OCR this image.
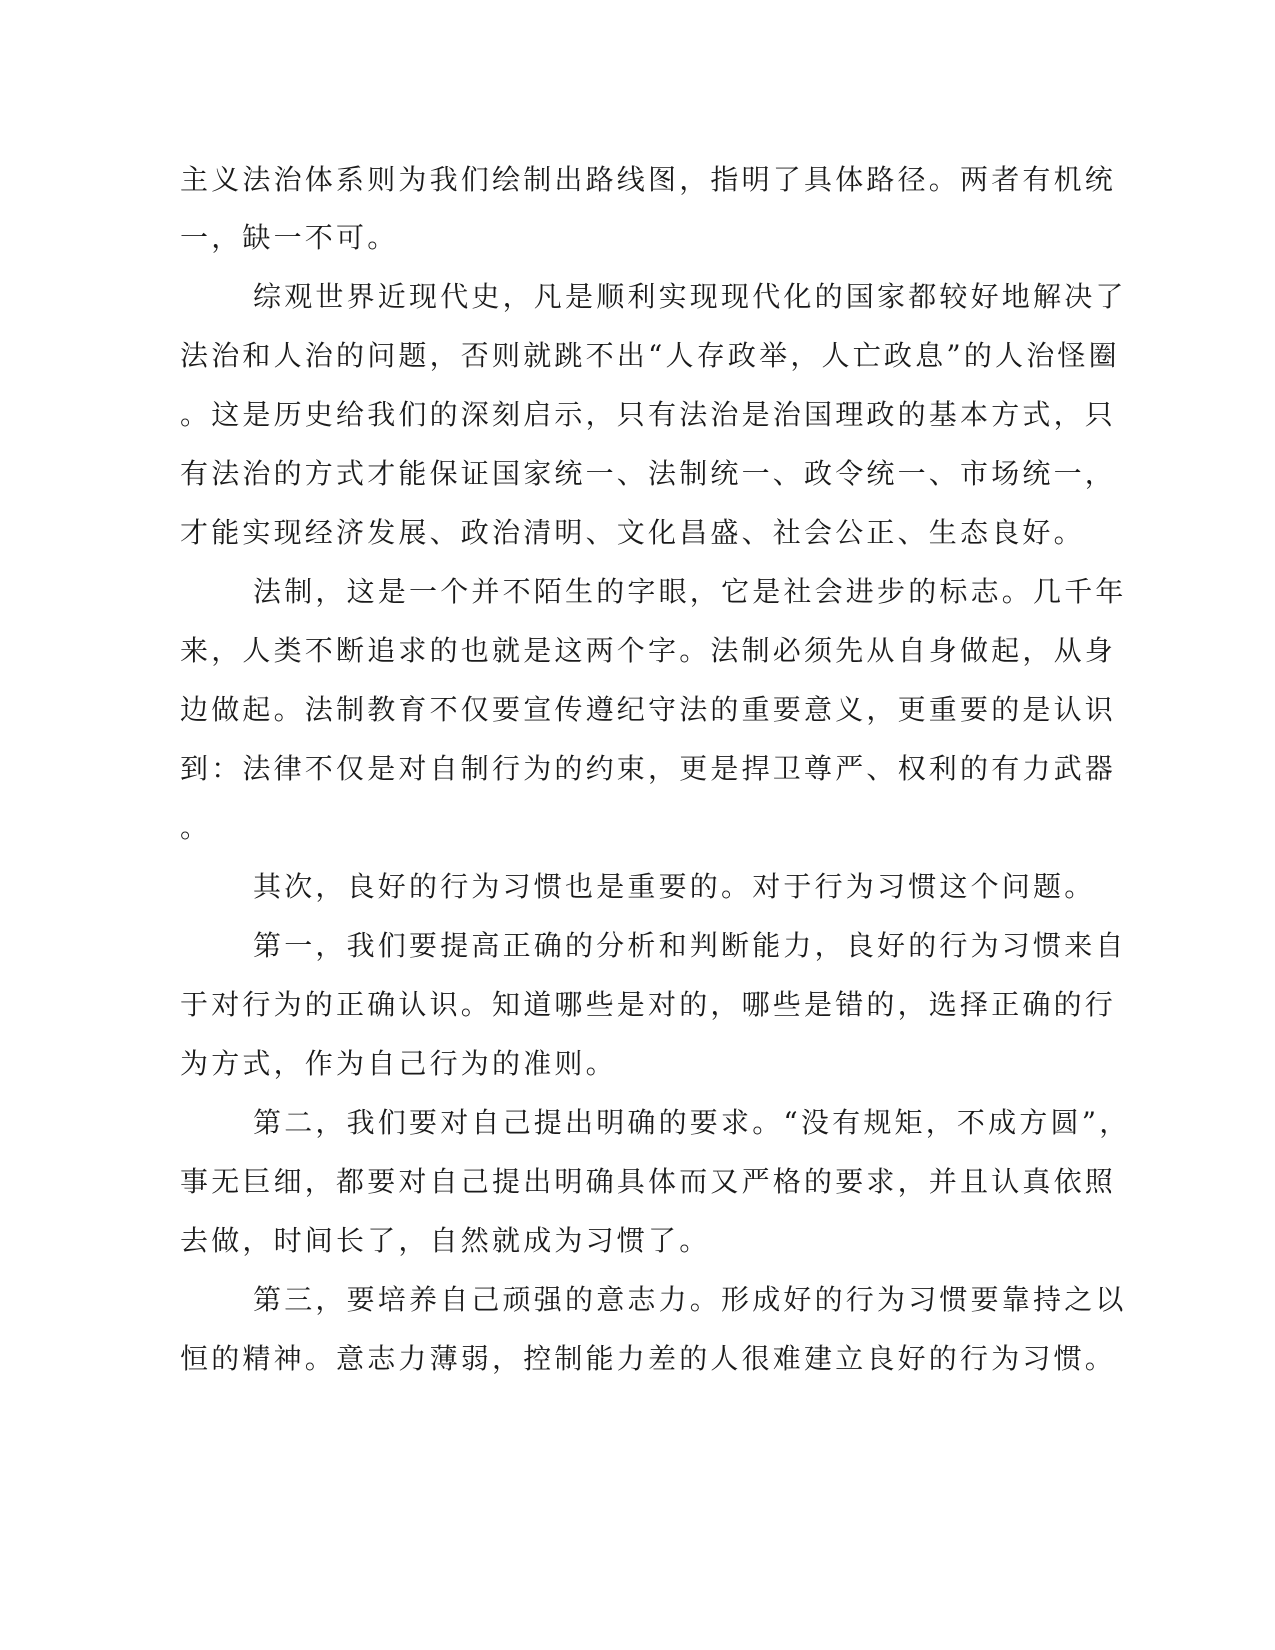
主义法治体系则为我们绘制出路线图，指明了具体路径。两者有机统
一，缺一不可。
综观世界近现代史，凡是顺利实现现代化的国家都较好地解决了
法治和人治的问题，否则就跳不出“人存政举，人亡政息”的人治怪圈
。这是历史给我们的深刻启示，只有法治是治国理政的基本方式，只
有法治的方式才能保证国家统一、法制统一、政令统一、市场统一，
才能实现经济发展、政治清明、文化昌盛、社会公正、生态良好。
法制，这是一个并不陌生的字眼，它是社会进步的标志。几千年
来，人类不断追求的也就是这两个字。法制必须先从自身做起，从身
边做起。法制教育不仅要宣传遵纪守法的重要意义，更重要的是认识
到：法律不仅是对自制行为的约束，更是捍卫尊严、权利的有力武器
。
其次，良好的行为习惯也是重要的。对于行为习惯这个问题。
第一，我们要提高正确的分析和判断能力，良好的行为习惯来自
于对行为的正确认识。知道哪些是对的，哪些是错的，选择正确的行
为方式，作为自己行为的准则。
第二，我们要对自己提出明确的要求。“没有规矩，不成方圆”，
事无巨细，都要对自己提出明确具体而又严格的要求，并且认真依照
去做，时间长了，自然就成为习惯了。
第三，要培养自己顽强的意志力。形成好的行为习惯要靠持之以
恒的精神。意志力薄弱，控制能力差的人很难建立良好的行为习惯。
